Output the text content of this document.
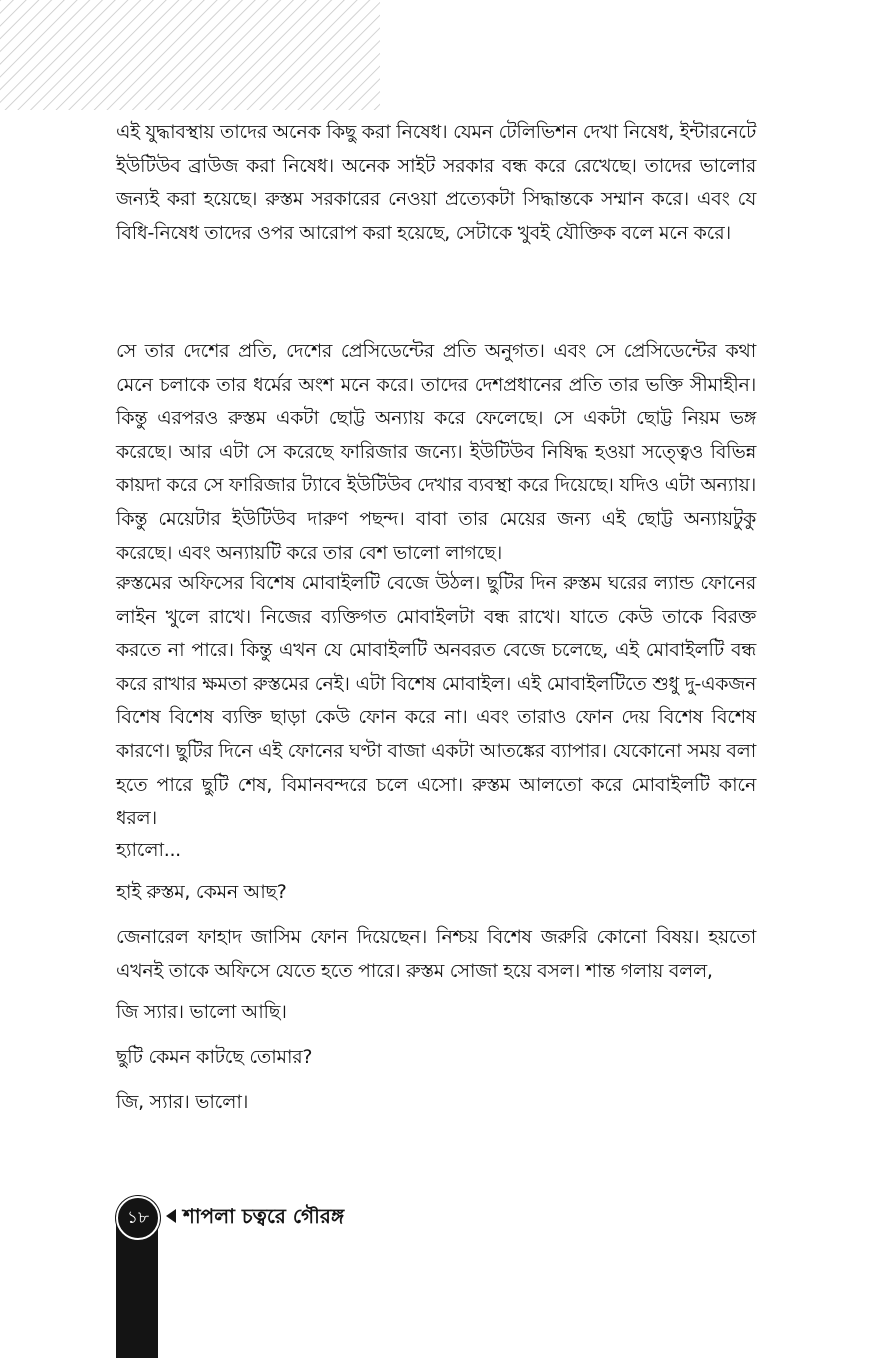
এই যুদ্ধাবস্থায় তাদের অনেক কিছু করা নিষেধ। যেমন টেলিভিশন দেখা নিষেধ, ইন্টারনেটে ইউটিউব ব্রাউজ করা নিষেধ। অনেক সাইট সরকার বন্ধ করে রেখেছে। তাদের ভালোর জন্যই করা হয়েছে। রুস্তম সরকারের নেওয়া প্রত্যেকটা সিদ্ধান্তকে সম্মান করে। এবং যে বিধি-নিষেধ তাদের ওপর আরোপ করা হয়েছে, সেটাকে খুবই যৌক্তিক বলে মনে করে।

সে তার দেশের প্রতি, দেশের প্রেসিডেন্টের প্রতি অনুগত। এবং সে প্রেসিডেন্টের কথা মেনে চলাকে তার ধর্মের অংশ মনে করে। তাদের দেশপ্রধানের প্রতি তার ভক্তি সীমাহীন। কিন্তু এরপরও রুস্তম একটা ছোট্ট অন্যায় করে ফেলেছে। সে একটা ছোট্ট নিয়ম ভঙ্গ করেছে। আর এটা সে করেছে ফারিজার জন্যে। ইউটিউব নিষিদ্ধ হওয়া সত্ত্বেও বিভিন্ন কায়দা করে সে ফারিজার ট্যাবে ইউটিউব দেখার ব্যবস্থা করে দিয়েছে। যদিও এটা অন্যায়। কিন্তু মেয়েটার ইউটিউব দারুণ পছন্দ। বাবা তার মেয়ের জন্য এই ছোট্ট অন্যায়টুকু করেছে। এবং অন্যায়টি করে তার বেশ ভালো লাগছে।

রুস্তমের অফিসের বিশেষ মোবাইলটি বেজে উঠল। ছুটির দিন রুস্তম ঘরের ল্যান্ড ফোনের লাইন খুলে রাখে। নিজের ব্যক্তিগত মোবাইলটা বন্ধ রাখে। যাতে কেউ তাকে বিরক্ত করতে না পারে। কিন্তু এখন যে মোবাইলটি অনবরত বেজে চলেছে, এই মোবাইলটি বন্ধ করে রাখার ক্ষমতা রুস্তমের নেই। এটা বিশেষ মোবাইল। এই মোবাইলটিতে শুধু দু-একজন বিশেষ বিশেষ ব্যক্তি ছাড়া কেউ ফোন করে না। এবং তারাও ফোন দেয় বিশেষ বিশেষ কারণে। ছুটির দিনে এই ফোনের ঘণ্টা বাজা একটা আতঙ্কের ব্যাপার। যেকোনো সময় বলা হতে পারে ছুটি শেষ, বিমানবন্দরে চলে এসো। রুস্তম আলতো করে মোবাইলটি কানে ধরল।

হ্যালো...

হাই রুস্তম, কেমন আছ?

জেনারেল ফাহাদ জাসিম ফোন দিয়েছেন। নিশ্চয় বিশেষ জরুরি কোনো বিষয়। হয়তো এখনই তাকে অফিসে যেতে হতে পারে। রুস্তম সোজা হয়ে বসল। শান্ত গলায় বলল,

জি স্যার। ভালো আছি।

ছুটি কেমন কাটছে তোমার?

জি, স্যার। ভালো।

১৮	শাপলা চত্বরে গৌরঙ্গ
